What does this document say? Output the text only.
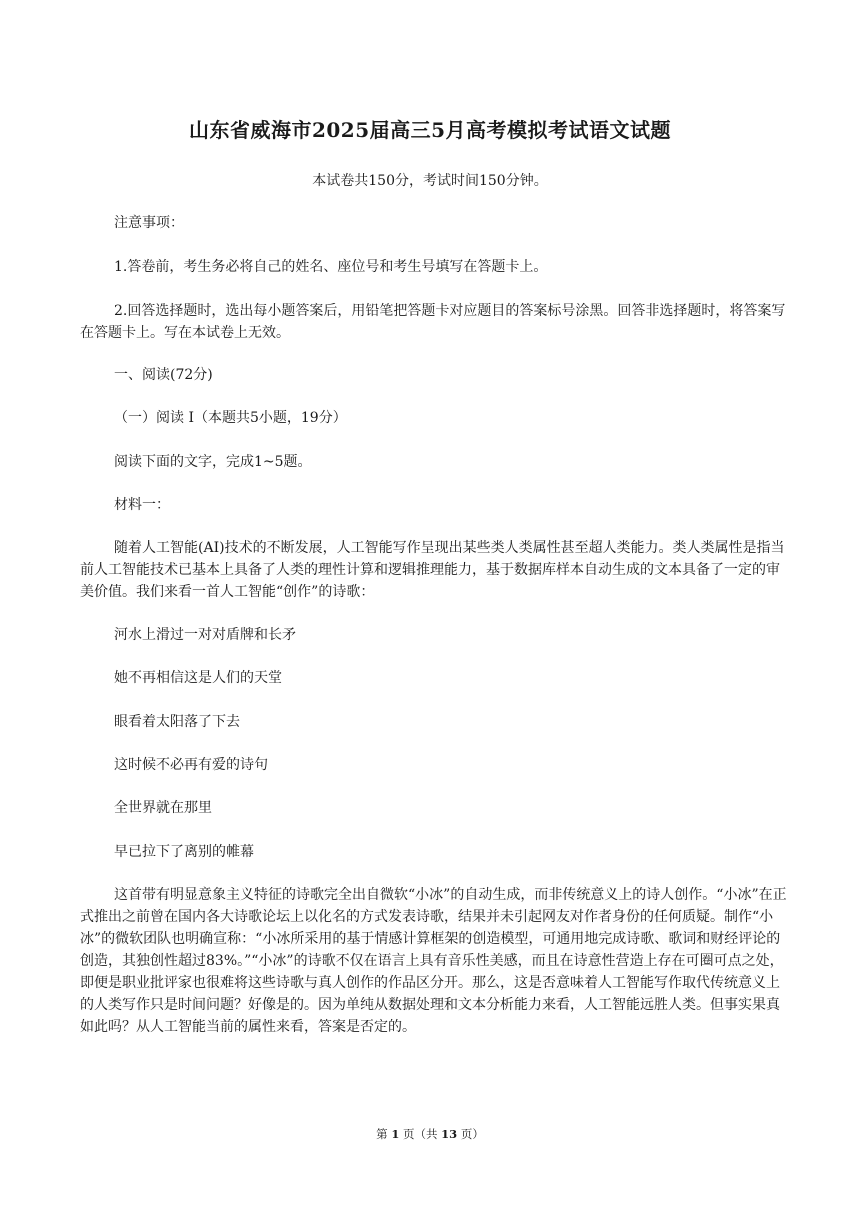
山东省威海市2025届高三5月高考模拟考试语文试题
本试卷共150分，考试时间150分钟。
注意事项：
1.答卷前，考生务必将自己的姓名、座位号和考生号填写在答题卡上。
2.回答选择题时，选出每小题答案后，用铅笔把答题卡对应题目的答案标号涂黑。回答非选择题时，将答案写在答题卡上。写在本试卷上无效。
一、阅读(72分)
（一）阅读 I（本题共5小题，19分）
阅读下面的文字，完成1~5题。
材料一：
随着人工智能(AI)技术的不断发展，人工智能写作呈现出某些类人类属性甚至超人类能力。类人类属性是指当前人工智能技术已基本上具备了人类的理性计算和逻辑推理能力，基于数据库样本自动生成的文本具备了一定的审美价值。我们来看一首人工智能“创作”的诗歌：
河水上滑过一对对盾牌和长矛
她不再相信这是人们的天堂
眼看着太阳落了下去
这时候不必再有爱的诗句
全世界就在那里
早已拉下了离别的帷幕
这首带有明显意象主义特征的诗歌完全出自微软“小冰”的自动生成，而非传统意义上的诗人创作。“小冰”在正式推出之前曾在国内各大诗歌论坛上以化名的方式发表诗歌，结果并未引起网友对作者身份的任何质疑。制作“小冰”的微软团队也明确宣称：“小冰所采用的基于情感计算框架的创造模型，可通用地完成诗歌、歌词和财经评论的创造，其独创性超过83%。”“小冰”的诗歌不仅在语言上具有音乐性美感，而且在诗意性营造上存在可圈可点之处，即便是职业批评家也很难将这些诗歌与真人创作的作品区分开。那么，这是否意味着人工智能写作取代传统意义上的人类写作只是时间问题？好像是的。因为单纯从数据处理和文本分析能力来看，人工智能远胜人类。但事实果真如此吗？从人工智能当前的属性来看，答案是否定的。
第 1 页（共 13 页）
